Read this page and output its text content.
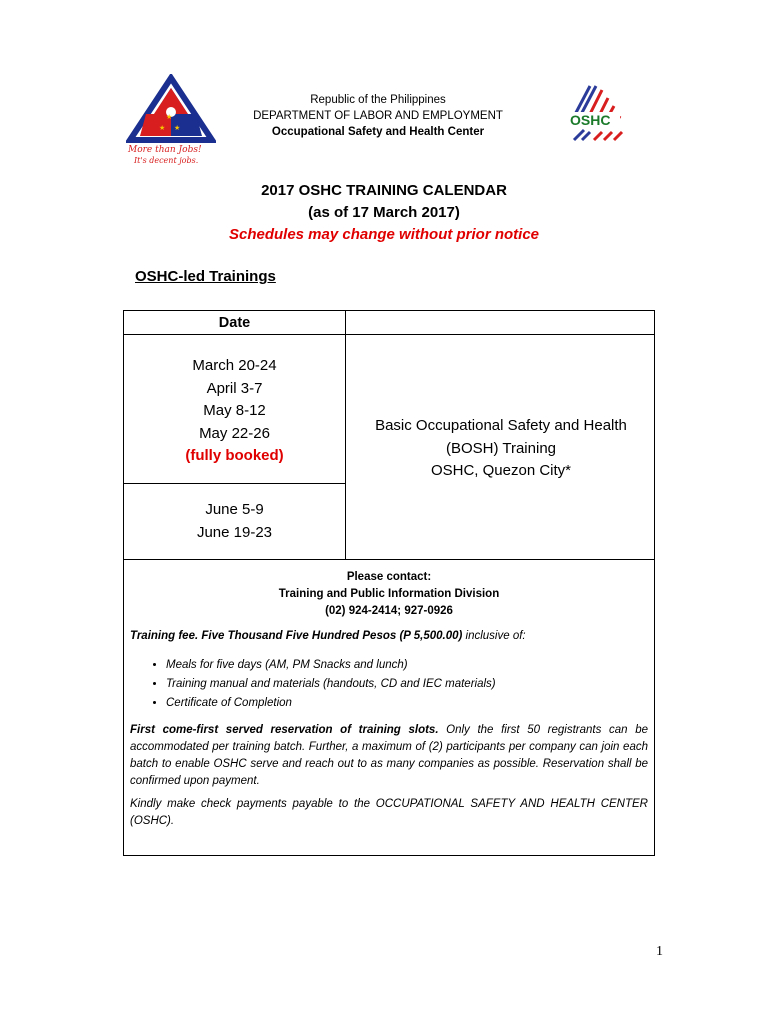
★
★ ★
More than Jobs!
It's decent jobs.
Republic of the Philippines
DEPARTMENT OF LABOR AND EMPLOYMENT
Occupational Safety and Health Center
OSHC
2017 OSHC TRAINING CALENDAR
(as of 17 March 2017)
Schedules may change without prior notice
OSHC-led Trainings
Date
March 20-24
April 3-7
May 8-12
May 22-26
(fully booked)
June 5-9
June 19-23
Basic Occupational Safety and Health
(BOSH) Training
OSHC, Quezon City*
Please contact:
Training and Public Information Division
(02) 924-2414; 927-0926

Training fee. Five Thousand Five Hundred Pesos (P 5,500.00) inclusive of:

• Meals for five days (AM, PM Snacks and lunch)
• Training manual and materials (handouts, CD and IEC materials)
• Certificate of Completion

First come-first served reservation of training slots. Only the first 50 registrants can be accommodated per training batch. Further, a maximum of (2) participants per company can join each batch to enable OSHC serve and reach out to as many companies as possible. Reservation shall be confirmed upon payment.

Kindly make check payments payable to the OCCUPATIONAL SAFETY AND HEALTH CENTER (OSHC).

1
